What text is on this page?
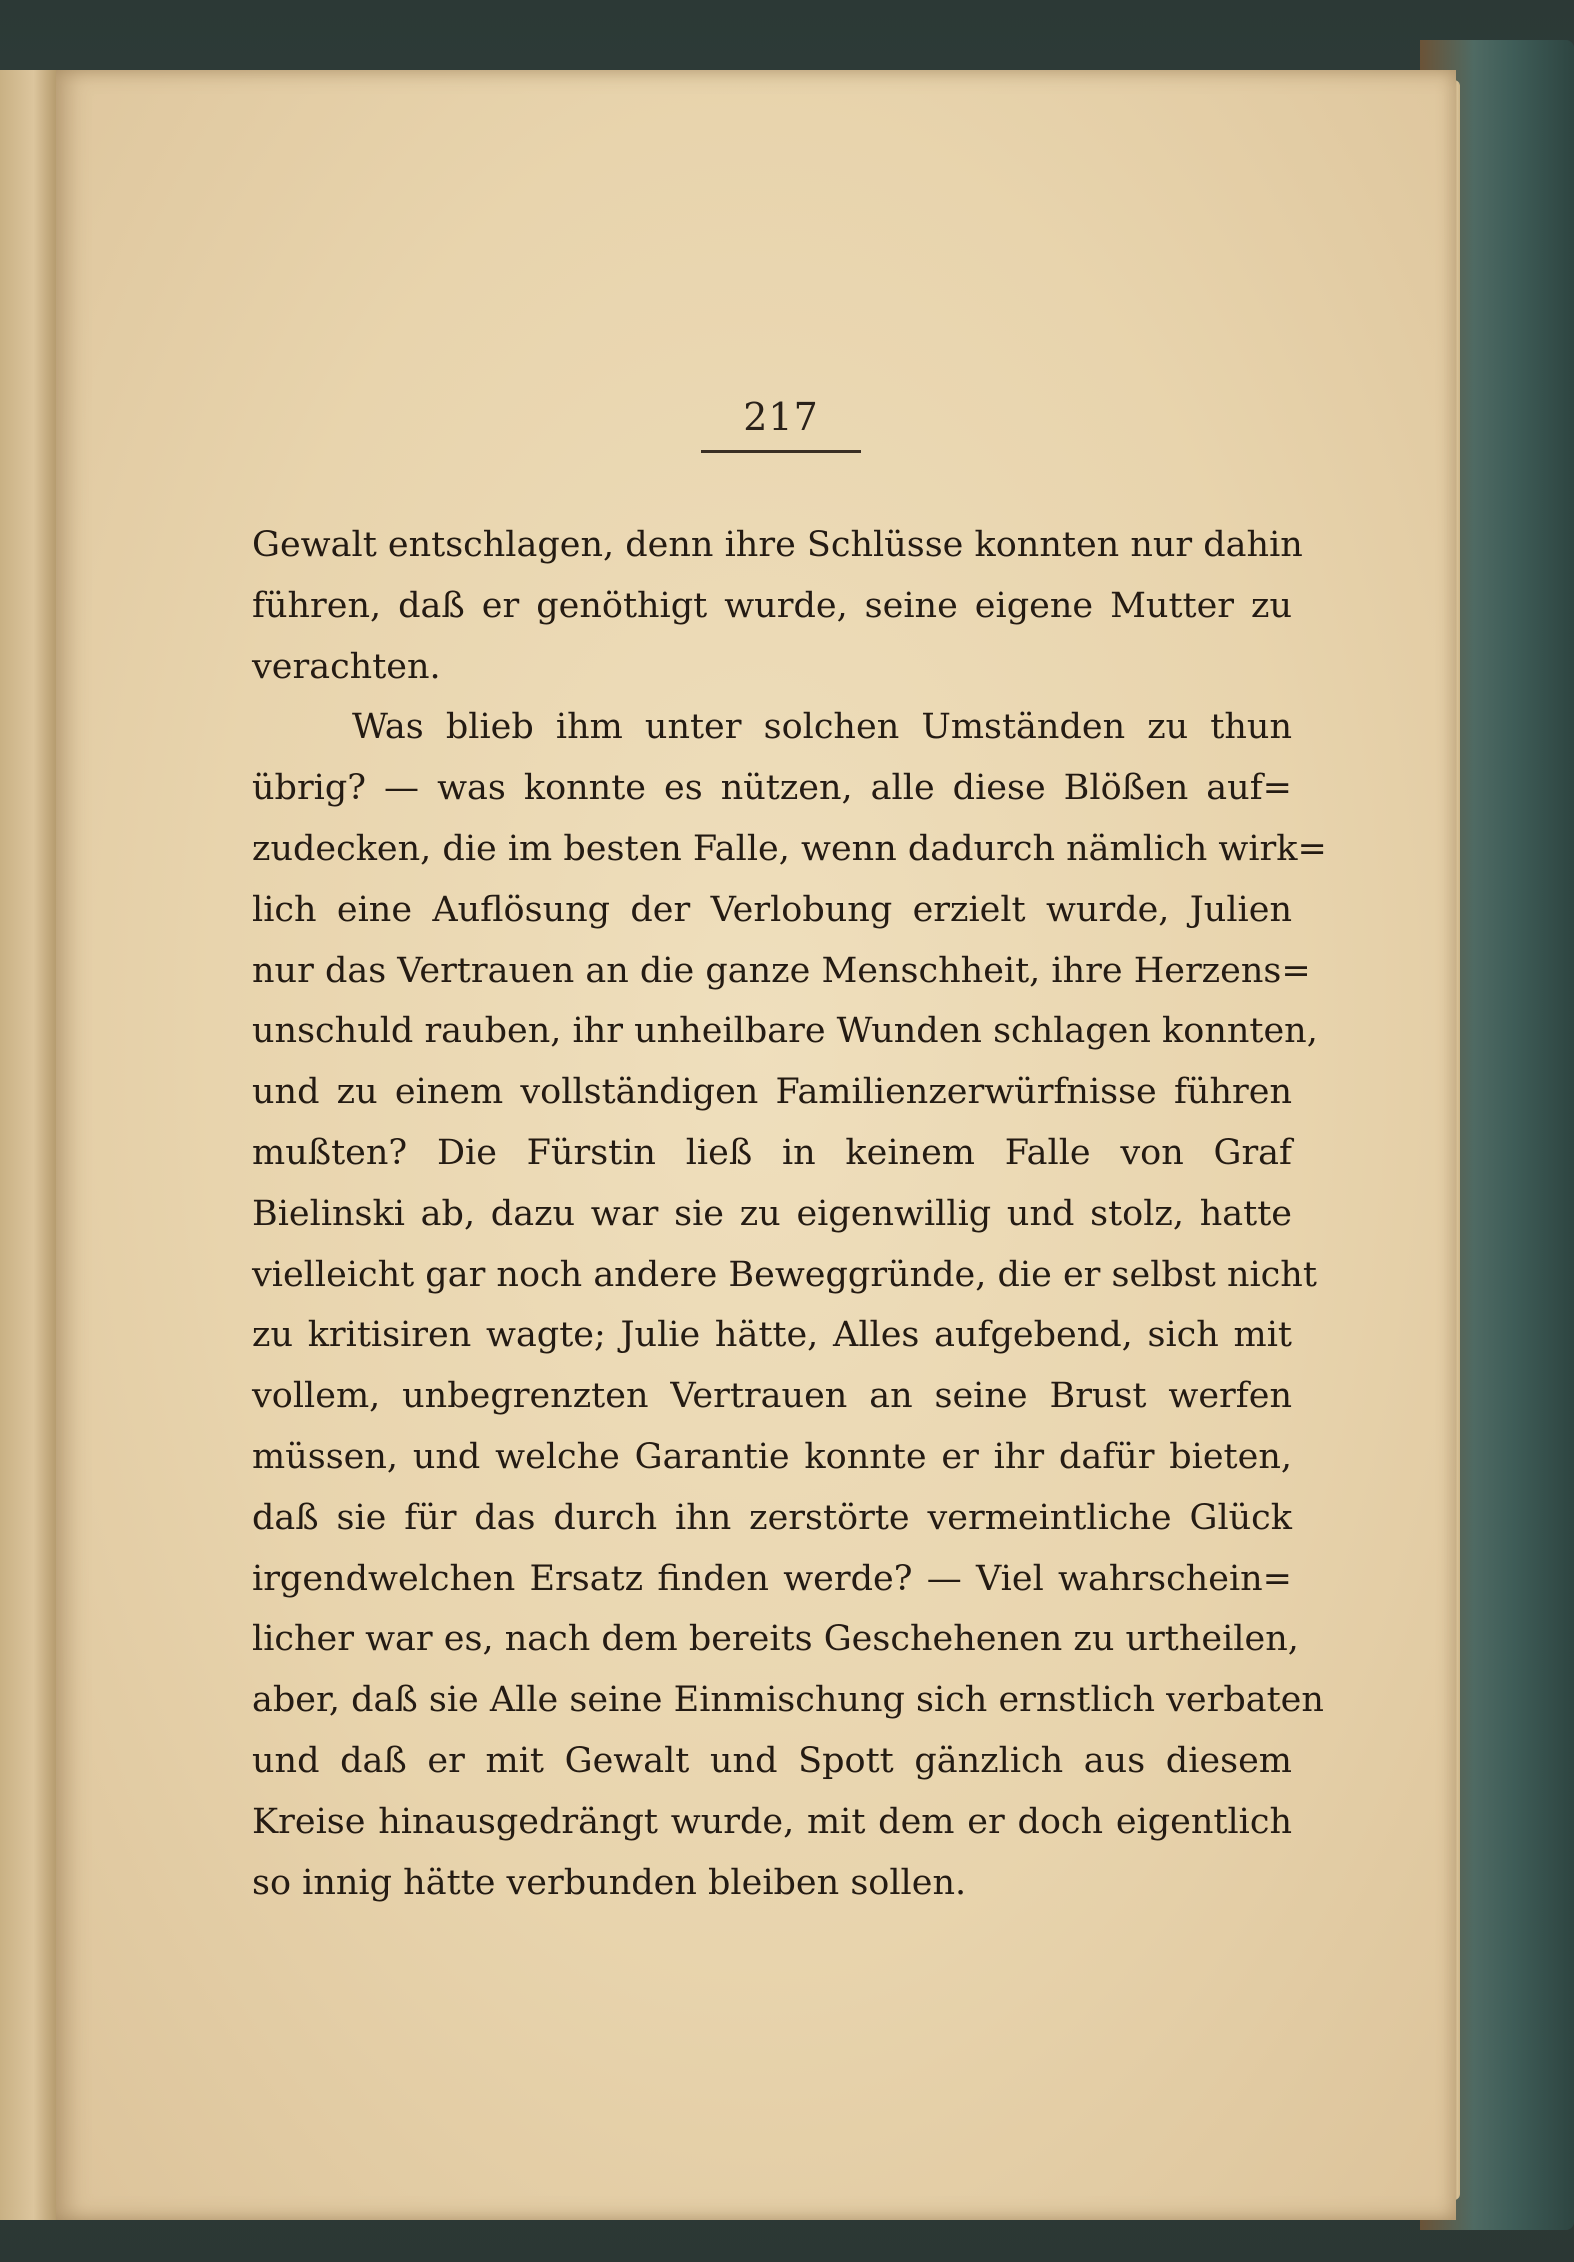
217
Gewalt entschlagen, denn ihre Schlüsse konnten nur dahin
führen, daß er genöthigt wurde, seine eigene Mutter zu
verachten.
Was blieb ihm unter solchen Umständen zu thun
übrig? — was konnte es nützen, alle diese Blößen auf=
zudecken, die im besten Falle, wenn dadurch nämlich wirk=
lich eine Auflösung der Verlobung erzielt wurde, Julien
nur das Vertrauen an die ganze Menschheit, ihre Herzens=
unschuld rauben, ihr unheilbare Wunden schlagen konnten,
und zu einem vollständigen Familienzerwürfnisse führen
mußten? Die Fürstin ließ in keinem Falle von Graf
Bielinski ab, dazu war sie zu eigenwillig und stolz, hatte
vielleicht gar noch andere Beweggründe, die er selbst nicht
zu kritisiren wagte; Julie hätte, Alles aufgebend, sich mit
vollem, unbegrenzten Vertrauen an seine Brust werfen
müssen, und welche Garantie konnte er ihr dafür bieten,
daß sie für das durch ihn zerstörte vermeintliche Glück
irgendwelchen Ersatz finden werde? — Viel wahrschein=
licher war es, nach dem bereits Geschehenen zu urtheilen,
aber, daß sie Alle seine Einmischung sich ernstlich verbaten
und daß er mit Gewalt und Spott gänzlich aus diesem
Kreise hinausgedrängt wurde, mit dem er doch eigentlich
so innig hätte verbunden bleiben sollen.
